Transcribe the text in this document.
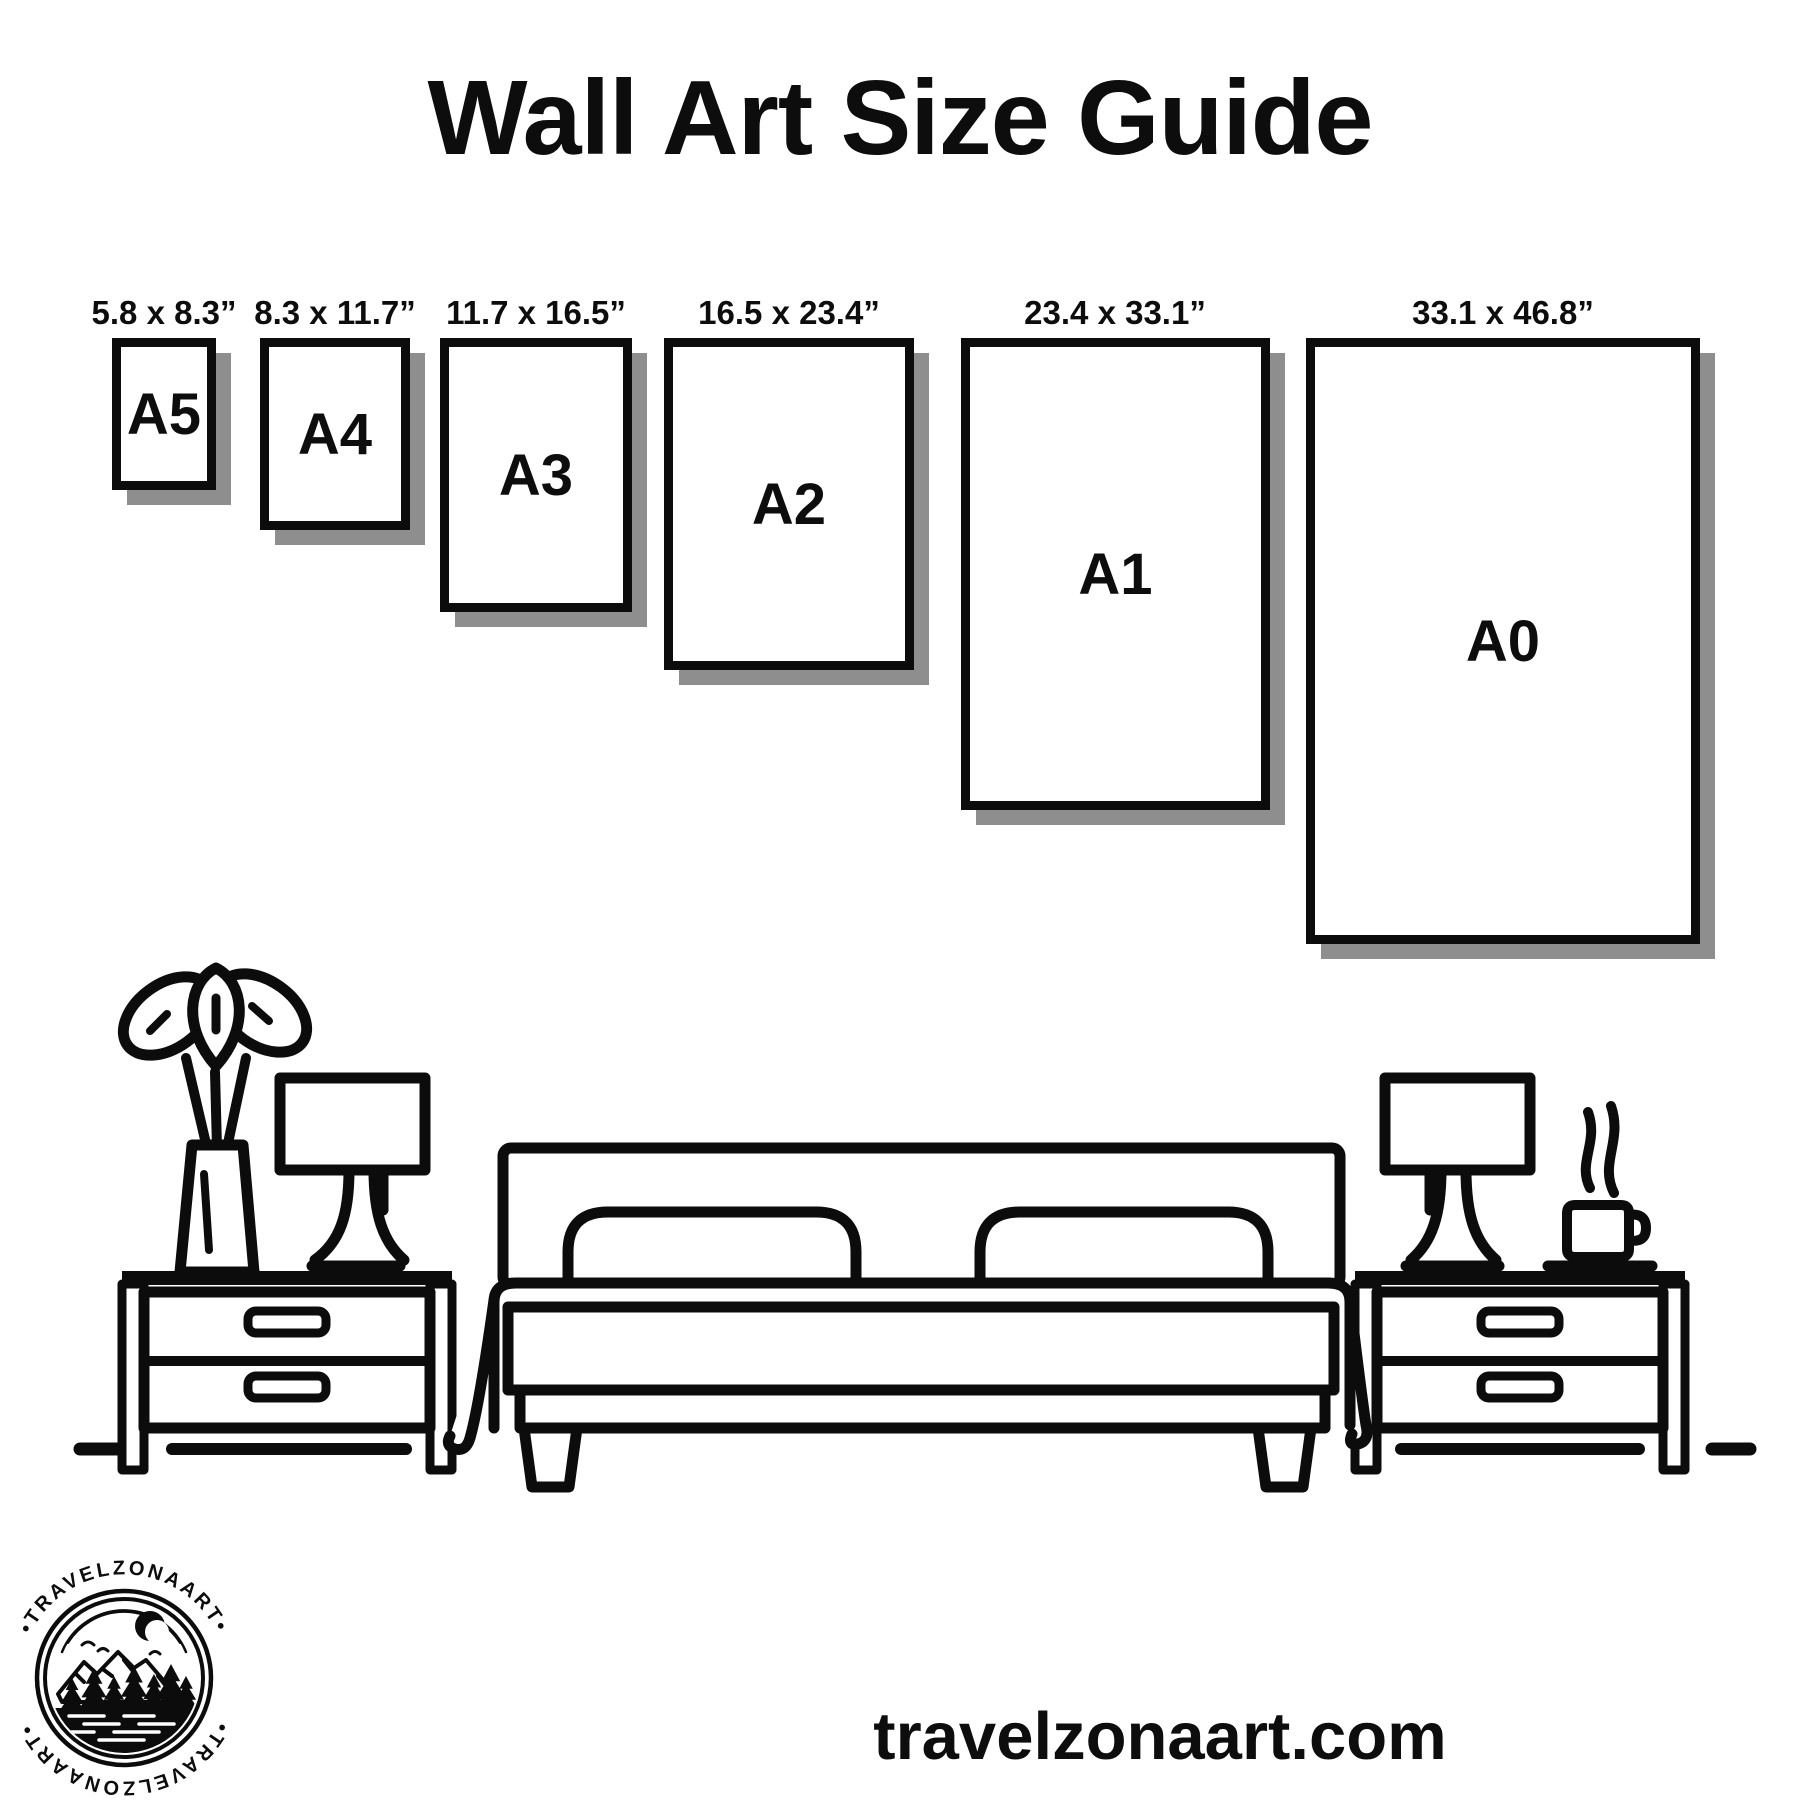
Wall Art Size Guide
5.8 x 8.3” 8.3 x 11.7” 11.7 x 16.5” 16.5 x 23.4”	23.4 x 33.1”	33.1 x 46.8”
A5 A4
A3	A2
A1
A0
•TRAVELZONAART•
•TRAVELZONAART•	travelzonaart.com
